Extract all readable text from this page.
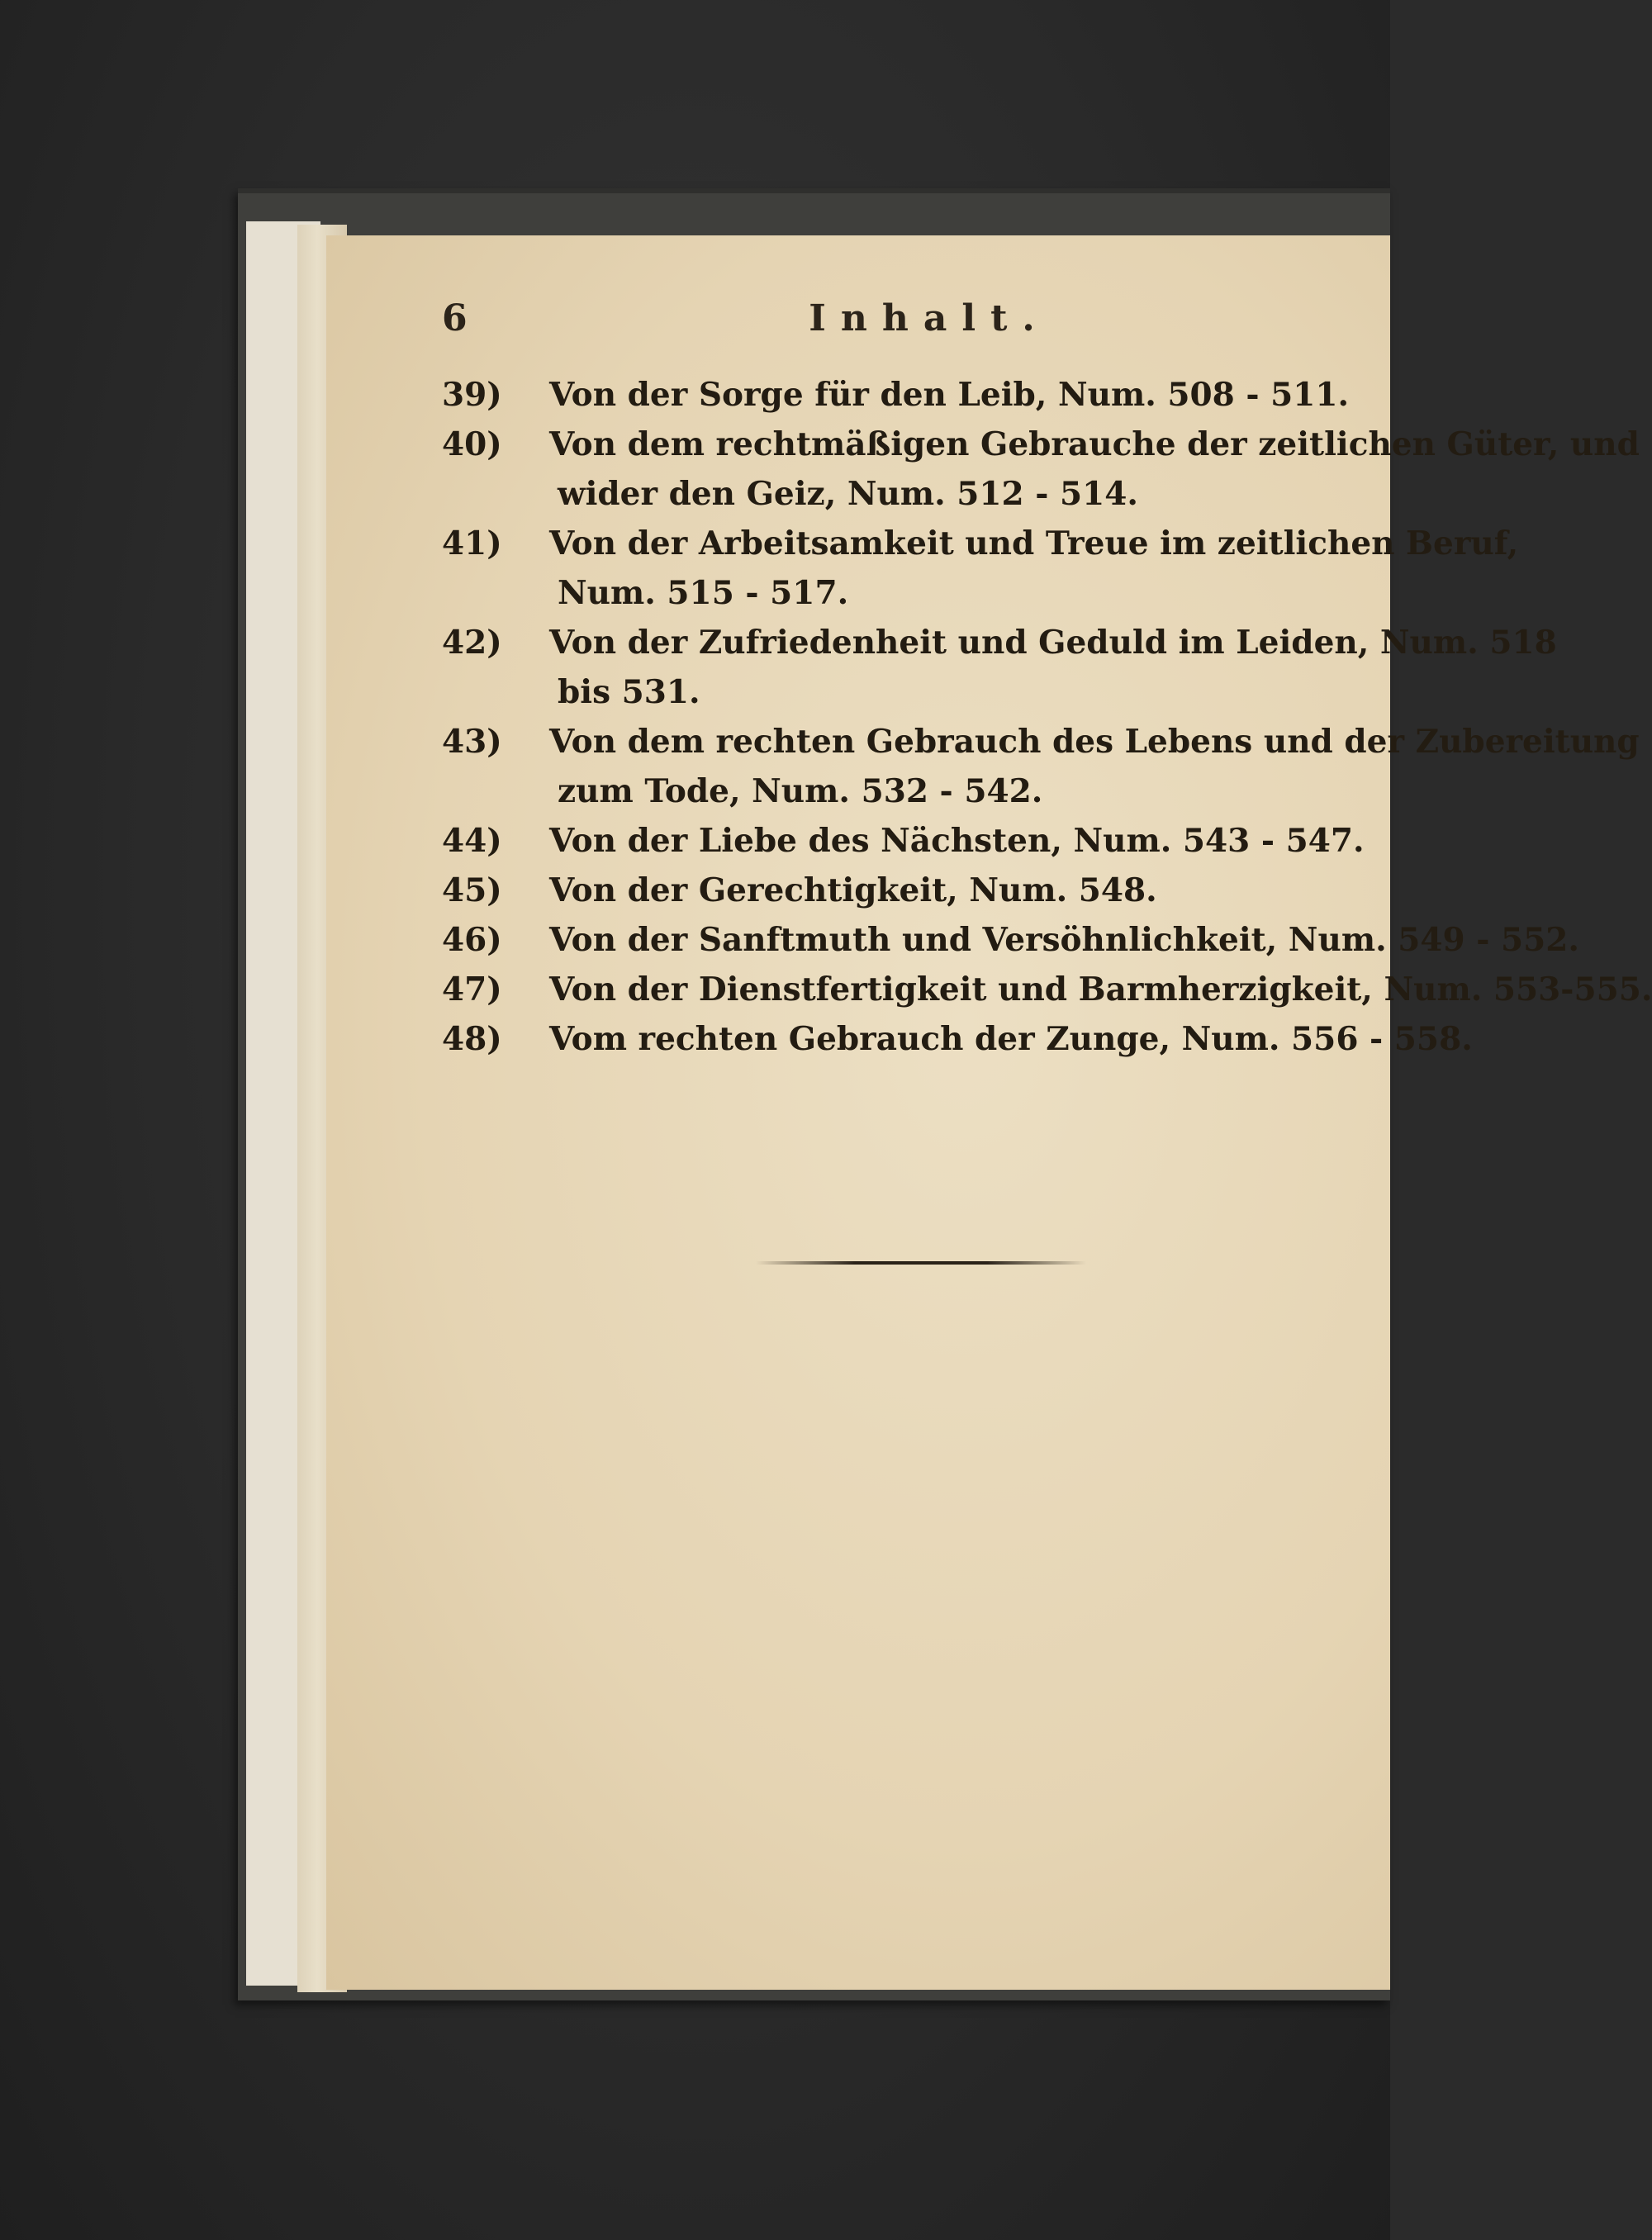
6	Inhalt.
39)	Von der Sorge für den Leib, Num. 508 - 511.
40)	Von dem rechtmäßigen Gebrauche der zeitlichen Güter, und
wider den Geiz, Num. 512 - 514.
41)	Von der Arbeitsamkeit und Treue im zeitlichen Beruf,
Num. 515 - 517.
42)	Von der Zufriedenheit und Geduld im Leiden, Num. 518
bis 531.
43)	Von dem rechten Gebrauch des Lebens und der Zubereitung
zum Tode, Num. 532 - 542.
44)	Von der Liebe des Nächsten, Num. 543 - 547.
45)	Von der Gerechtigkeit, Num. 548.
46)	Von der Sanftmuth und Versöhnlichkeit, Num. 549 - 552.
47)	Von der Dienstfertigkeit und Barmherzigkeit, Num. 553-555.
48)	Vom rechten Gebrauch der Zunge, Num. 556 - 558.
